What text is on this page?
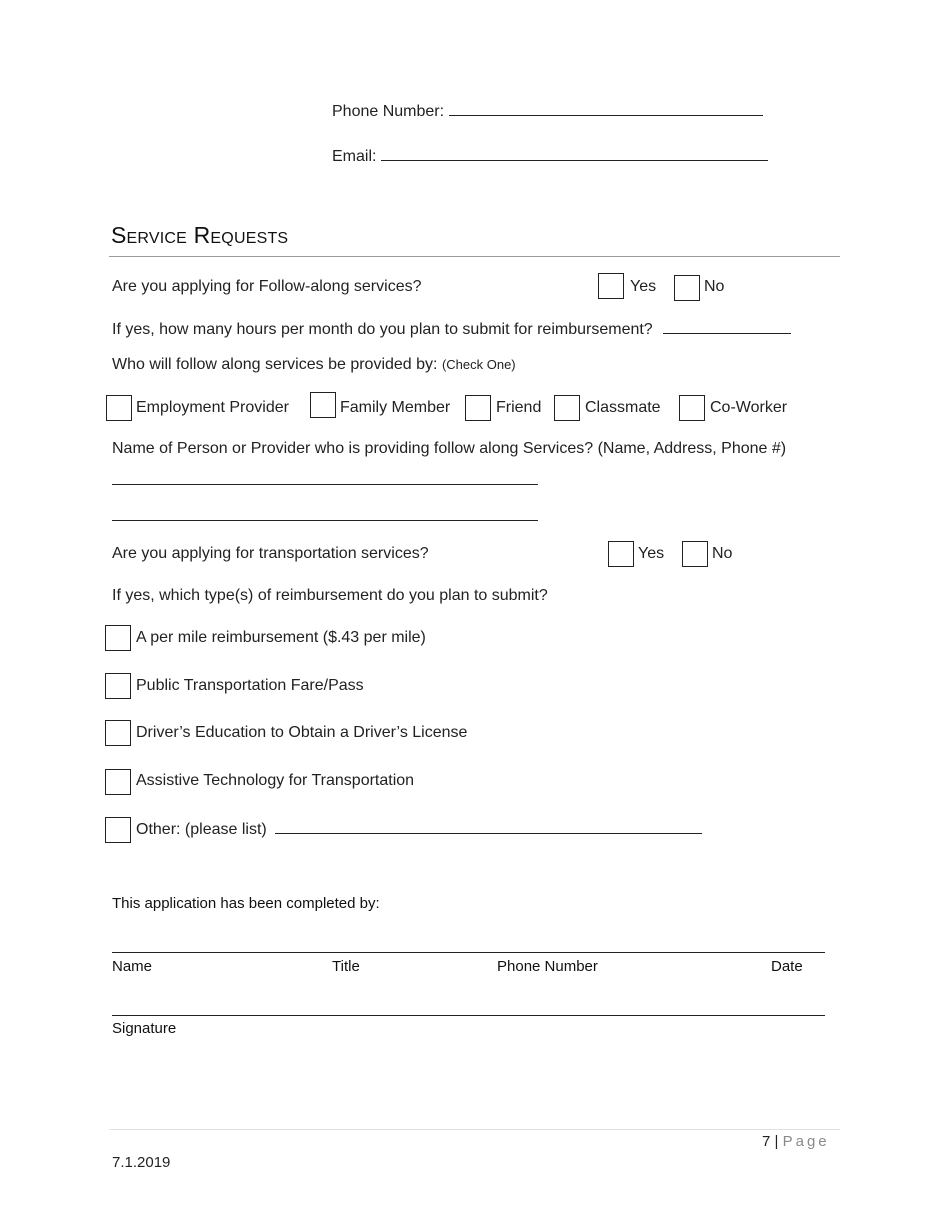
Phone Number:
Email:
Service Requests
Are you applying for Follow-along services?	Yes	No
If yes, how many hours per month do you plan to submit for reimbursement?
Who will follow along services be provided by: (Check One)
Employment Provider	Family Member	Friend	Classmate	Co-Worker
Name of Person or Provider who is providing follow along Services? (Name, Address, Phone #)
Are you applying for transportation services?	Yes	No
If yes, which type(s) of reimbursement do you plan to submit?
A per mile reimbursement ($.43 per mile)
Public Transportation Fare/Pass
Driver’s Education to Obtain a Driver’s License
Assistive Technology for Transportation
Other: (please list)
This application has been completed by:
Name	Title	Phone Number	Date
Signature
7 | Page
7.1.2019
